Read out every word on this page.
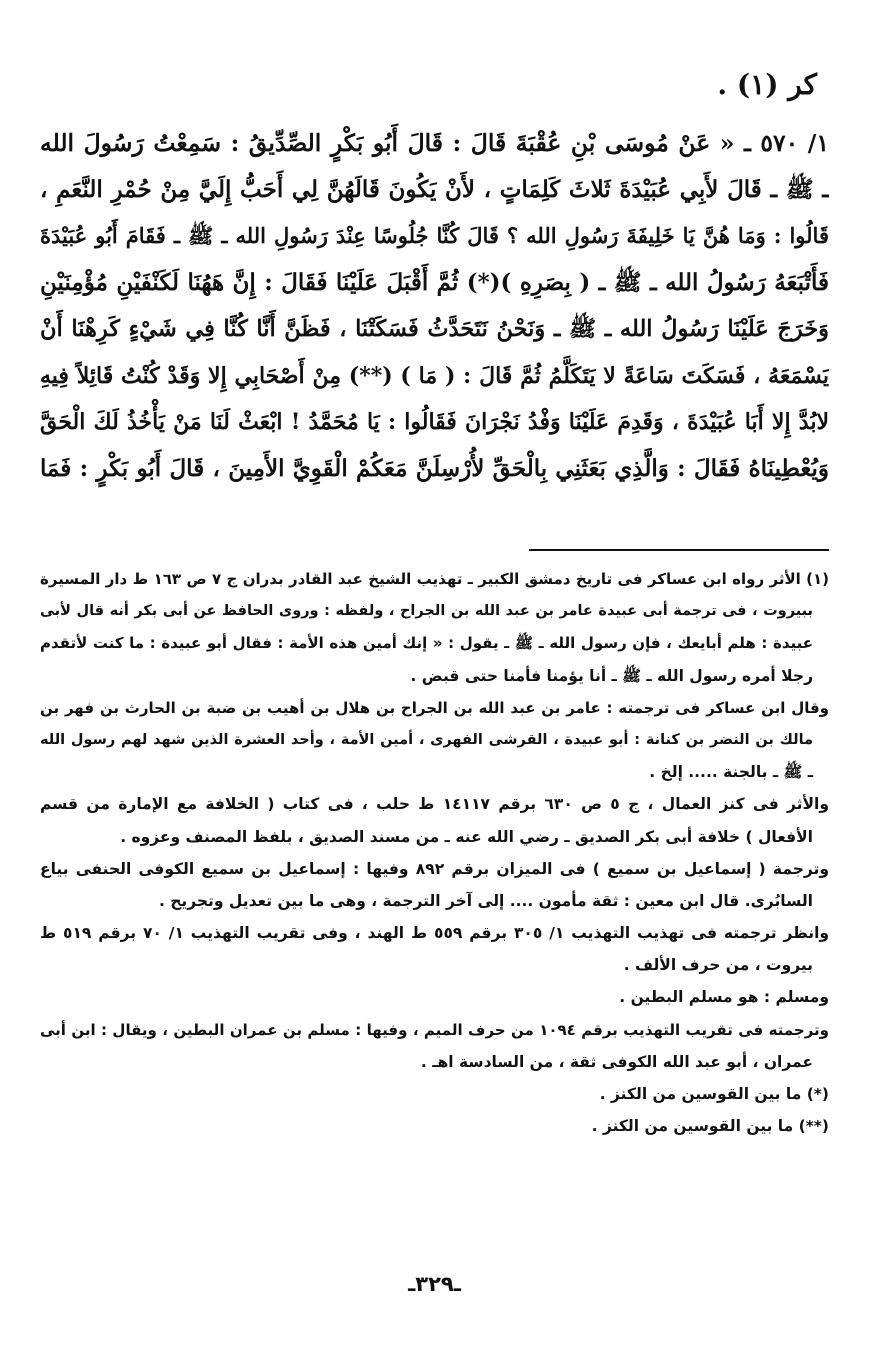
كر (١) .
١/ ٥٧٠ ـ « عَنْ مُوسَى بْنِ عُقْبَةَ قَالَ : قَالَ أَبُو بَكْرٍ الصِّدِّيقُ : سَمِعْتُ رَسُولَ الله
ـ ﷺ ـ قَالَ لأَبِي عُبَيْدَةَ ثَلاثَ كَلِمَاتٍ ، لأَنْ يَكُونَ قَالَهُنَّ لِي أَحَبُّ إِلَيَّ مِنْ حُمْرِ النَّعَمِ ،
قَالُوا : وَمَا هُنَّ يَا خَلِيفَةَ رَسُولِ الله ؟ قَالَ كُنَّا جُلُوسًا عِنْدَ رَسُولِ الله ـ ﷺ ـ فَقَامَ أَبُو عُبَيْدَةَ
فَأَتْبَعَهُ رَسُولُ الله ـ ﷺ ـ ( بِصَرِهِ )(*) ثُمَّ أَقْبَلَ عَلَيْنَا فَقَالَ : إِنَّ هَهُنَا لَكَنْفَيْنِ مُؤْمِنَيْنِ
وَخَرَجَ عَلَيْنَا رَسُولُ الله ـ ﷺ ـ وَنَحْنُ نَتَحَدَّثُ فَسَكَتْنَا ، فَظَنَّ أَنَّا كُنَّا فِي شَيْءٍ كَرِهْنَا أَنْ
يَسْمَعَهُ ، فَسَكَتَ سَاعَةً لا يَتَكَلَّمُ ثُمَّ قَالَ : ( مَا ) (**) مِنْ أَصْحَابِي إِلا وَقَدْ كُنْتُ قَائِلاً فِيهِ
لابُدَّ إِلا أَبَا عُبَيْدَةَ ، وَقَدِمَ عَلَيْنَا وَفْدُ نَجْرَانَ فَقَالُوا : يَا مُحَمَّدُ ! ابْعَثْ لَنَا مَنْ يَأْخُذُ لَكَ الْحَقَّ
وَيُعْطِينَاهُ فَقَالَ : وَالَّذِي بَعَثَنِي بِالْحَقِّ لأُرْسِلَنَّ مَعَكُمْ الْقَوِيَّ الأَمِينَ ، قَالَ أَبُو بَكْرٍ : فَمَا
(١) الأثر رواه ابن عساكر فى تاريخ دمشق الكبير ـ تهذيب الشيخ عبد القادر بدران ج ٧ ص ١٦٣ ط دار المسيرة
ببيروت ، فى ترجمة أبى عبيدة عامر بن عبد الله بن الجراح ، ولفظه : وروى الحافظ عن أبى بكر أنه قال لأبى
عبيدة : هلم أبايعك ، فإن رسول الله ـ ﷺ ـ يقول : « إنك أمين هذه الأمة : فقال أبو عبيدة : ما كنت لأتقدم
رجلا أمره رسول الله ـ ﷺ ـ أنا يؤمنا فأمنا حتى قبض .
وقال ابن عساكر فى ترجمته : عامر بن عبد الله بن الجراح بن هلال بن أهيب بن ضبة بن الحارث بن فهر بن
مالك بن النضر بن كنانة : أبو عبيدة ، القرشى الفهرى ، أمين الأمة ، وأحد العشرة الذين شهد لهم رسول الله
ـ ﷺ ـ بالجنة ..... إلخ .
والأثر فى كنز العمال ، ج ٥ ص ٦٣٠ برقم ١٤١١٧ ط حلب ، فى كتاب ( الخلافة مع الإمارة من قسم
الأفعال ) خلافة أبى بكر الصديق ـ رضي الله عنه ـ من مسند الصديق ، بلفظ المصنف وعزوه .
وترجمة ( إسماعيل بن سميع ) فى الميزان برقم ٨٩٢ وفيها : إسماعيل بن سميع الكوفى الحنفى بياع
السابُرى. قال ابن معين : ثقة مأمون .... إلى آخر الترجمة ، وهى ما بين تعديل وتجريح .
وانظر ترجمته فى تهذيب التهذيب ١/ ٣٠٥ برقم ٥٥٩ ط الهند ، وفى تقريب التهذيب ١/ ٧٠ برقم ٥١٩ ط
بيروت ، من حرف الألف .
ومسلم : هو مسلم البطين .
وترجمته فى تقريب التهذيب برقم ١٠٩٤ من حرف الميم ، وفيها : مسلم بن عمران البطين ، ويقال : ابن أبى
عمران ، أبو عبد الله الكوفى ثقة ، من السادسة اهـ .
(*) ما بين القوسين من الكنز .
(**) ما بين القوسين من الكنز .
ـ٣٢٩ـ
